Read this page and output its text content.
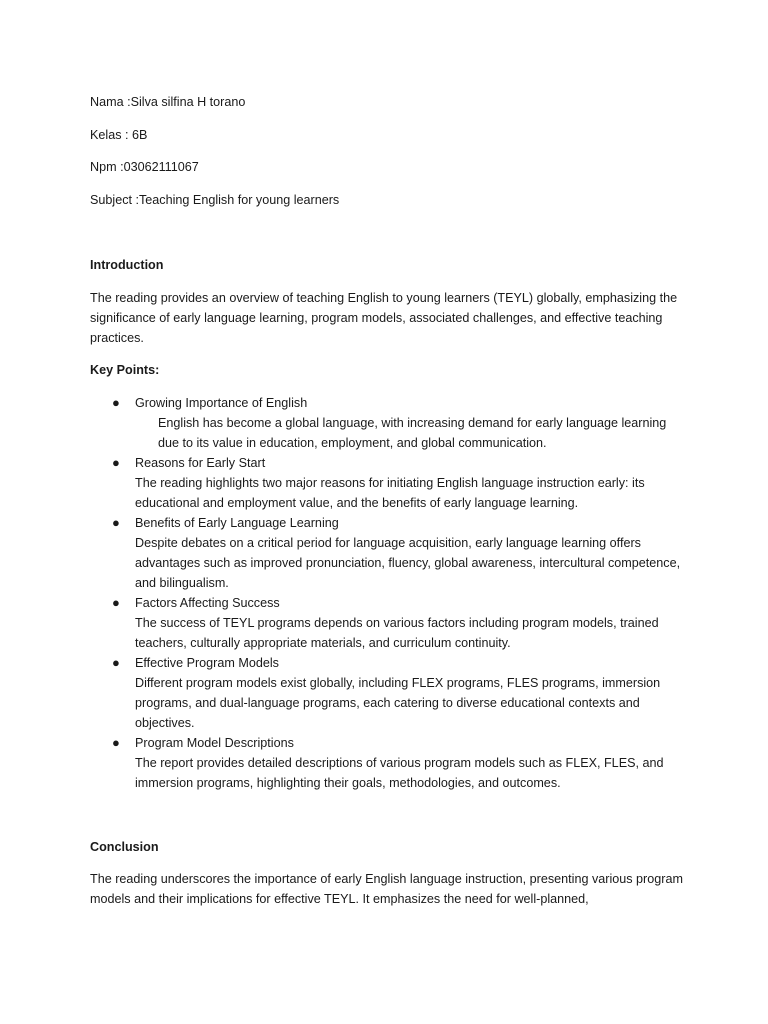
Nama :Silva silfina H torano

Kelas : 6B

Npm :03062111067

Subject :Teaching English for young learners

Introduction

The reading provides an overview of teaching English to young learners (TEYL) globally, emphasizing the significance of early language learning, program models, associated challenges, and effective teaching practices.

Key Points:

● Growing Importance of English
English has become a global language, with increasing demand for early language learning due to its value in education, employment, and global communication.
● Reasons for Early Start
The reading highlights two major reasons for initiating English language instruction early: its educational and employment value, and the benefits of early language learning.
● Benefits of Early Language Learning
Despite debates on a critical period for language acquisition, early language learning offers advantages such as improved pronunciation, fluency, global awareness, intercultural competence, and bilingualism.
● Factors Affecting Success
The success of TEYL programs depends on various factors including program models, trained teachers, culturally appropriate materials, and curriculum continuity.
● Effective Program Models
Different program models exist globally, including FLEX programs, FLES programs, immersion programs, and dual-language programs, each catering to diverse educational contexts and objectives.
● Program Model Descriptions
The report provides detailed descriptions of various program models such as FLEX, FLES, and immersion programs, highlighting their goals, methodologies, and outcomes.

Conclusion

The reading underscores the importance of early English language instruction, presenting various program models and their implications for effective TEYL. It emphasizes the need for well-planned,
